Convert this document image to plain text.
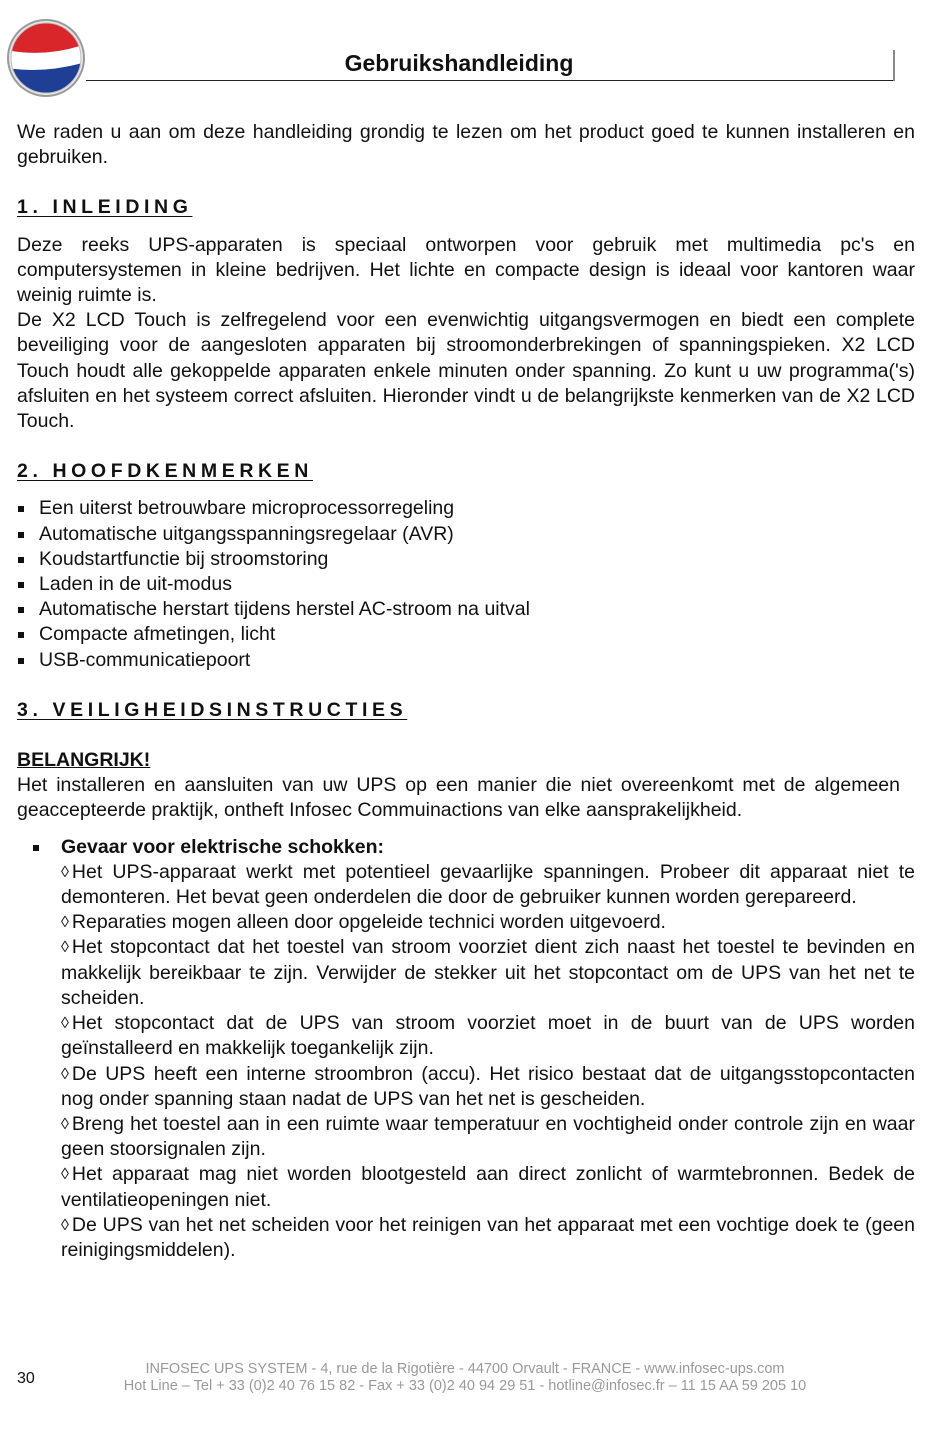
Gebruikshandleiding

We raden u aan om deze handleiding grondig te lezen om het product goed te kunnen installeren en gebruiken.

1. INLEIDING

Deze reeks UPS-apparaten is speciaal ontworpen voor gebruik met multimedia pc's en computersystemen in kleine bedrijven. Het lichte en compacte design is ideaal voor kantoren waar weinig ruimte is.

De X2 LCD Touch is zelfregelend voor een evenwichtig uitgangsvermogen en biedt een complete beveiliging voor de aangesloten apparaten bij stroomonderbrekingen of spanningspieken. X2 LCD Touch houdt alle gekoppelde apparaten enkele minuten onder spanning. Zo kunt u uw programma('s) afsluiten en het systeem correct afsluiten. Hieronder vindt u de belangrijkste kenmerken van de X2 LCD Touch.

2. HOOFDKENMERKEN
Een uiterst betrouwbare microprocessorregeling
Automatische uitgangsspanningsregelaar (AVR)
Koudstartfunctie bij stroomstoring
Laden in de uit-modus
Automatische herstart tijdens herstel AC-stroom na uitval
Compacte afmetingen, licht
USB-communicatiepoort
3. VEILIGHEIDSINSTRUCTIES
BELANGRIJK!

Het installeren en aansluiten van uw UPS op een manier die niet overeenkomt met de algemeen geaccepteerde praktijk, ontheft Infosec Commuinactions van elke aansprakelijkheid.

Gevaar voor elektrische schokken:

◊ Het UPS-apparaat werkt met potentieel gevaarlijke spanningen. Probeer dit apparaat niet te demonteren. Het bevat geen onderdelen die door de gebruiker kunnen worden gerepareerd.

◊ Reparaties mogen alleen door opgeleide technici worden uitgevoerd.

◊ Het stopcontact dat het toestel van stroom voorziet dient zich naast het toestel te bevinden en makkelijk bereikbaar te zijn. Verwijder de stekker uit het stopcontact om de UPS van het net te scheiden.

◊ Het stopcontact dat de UPS van stroom voorziet moet in de buurt van de UPS worden geïnstalleerd en makkelijk toegankelijk zijn.

◊ De UPS heeft een interne stroombron (accu). Het risico bestaat dat de uitgangsstopcontacten nog onder spanning staan nadat de UPS van het net is gescheiden.

◊ Breng het toestel aan in een ruimte waar temperatuur en vochtigheid onder controle zijn en waar geen stoorsignalen zijn.

◊ Het apparaat mag niet worden blootgesteld aan direct zonlicht of warmtebronnen. Bedek de ventilatieopeningen niet.

◊ De UPS van het net scheiden voor het reinigen van het apparaat met een vochtige doek te (geen reinigingsmiddelen).

30
INFOSEC UPS SYSTEM - 4, rue de la Rigotière - 44700 Orvault - FRANCE - www.infosec-ups.com
Hot Line – Tel + 33 (0)2 40 76 15 82 - Fax + 33 (0)2 40 94 29 51 - hotline@infosec.fr – 11 15 AA 59 205 10
